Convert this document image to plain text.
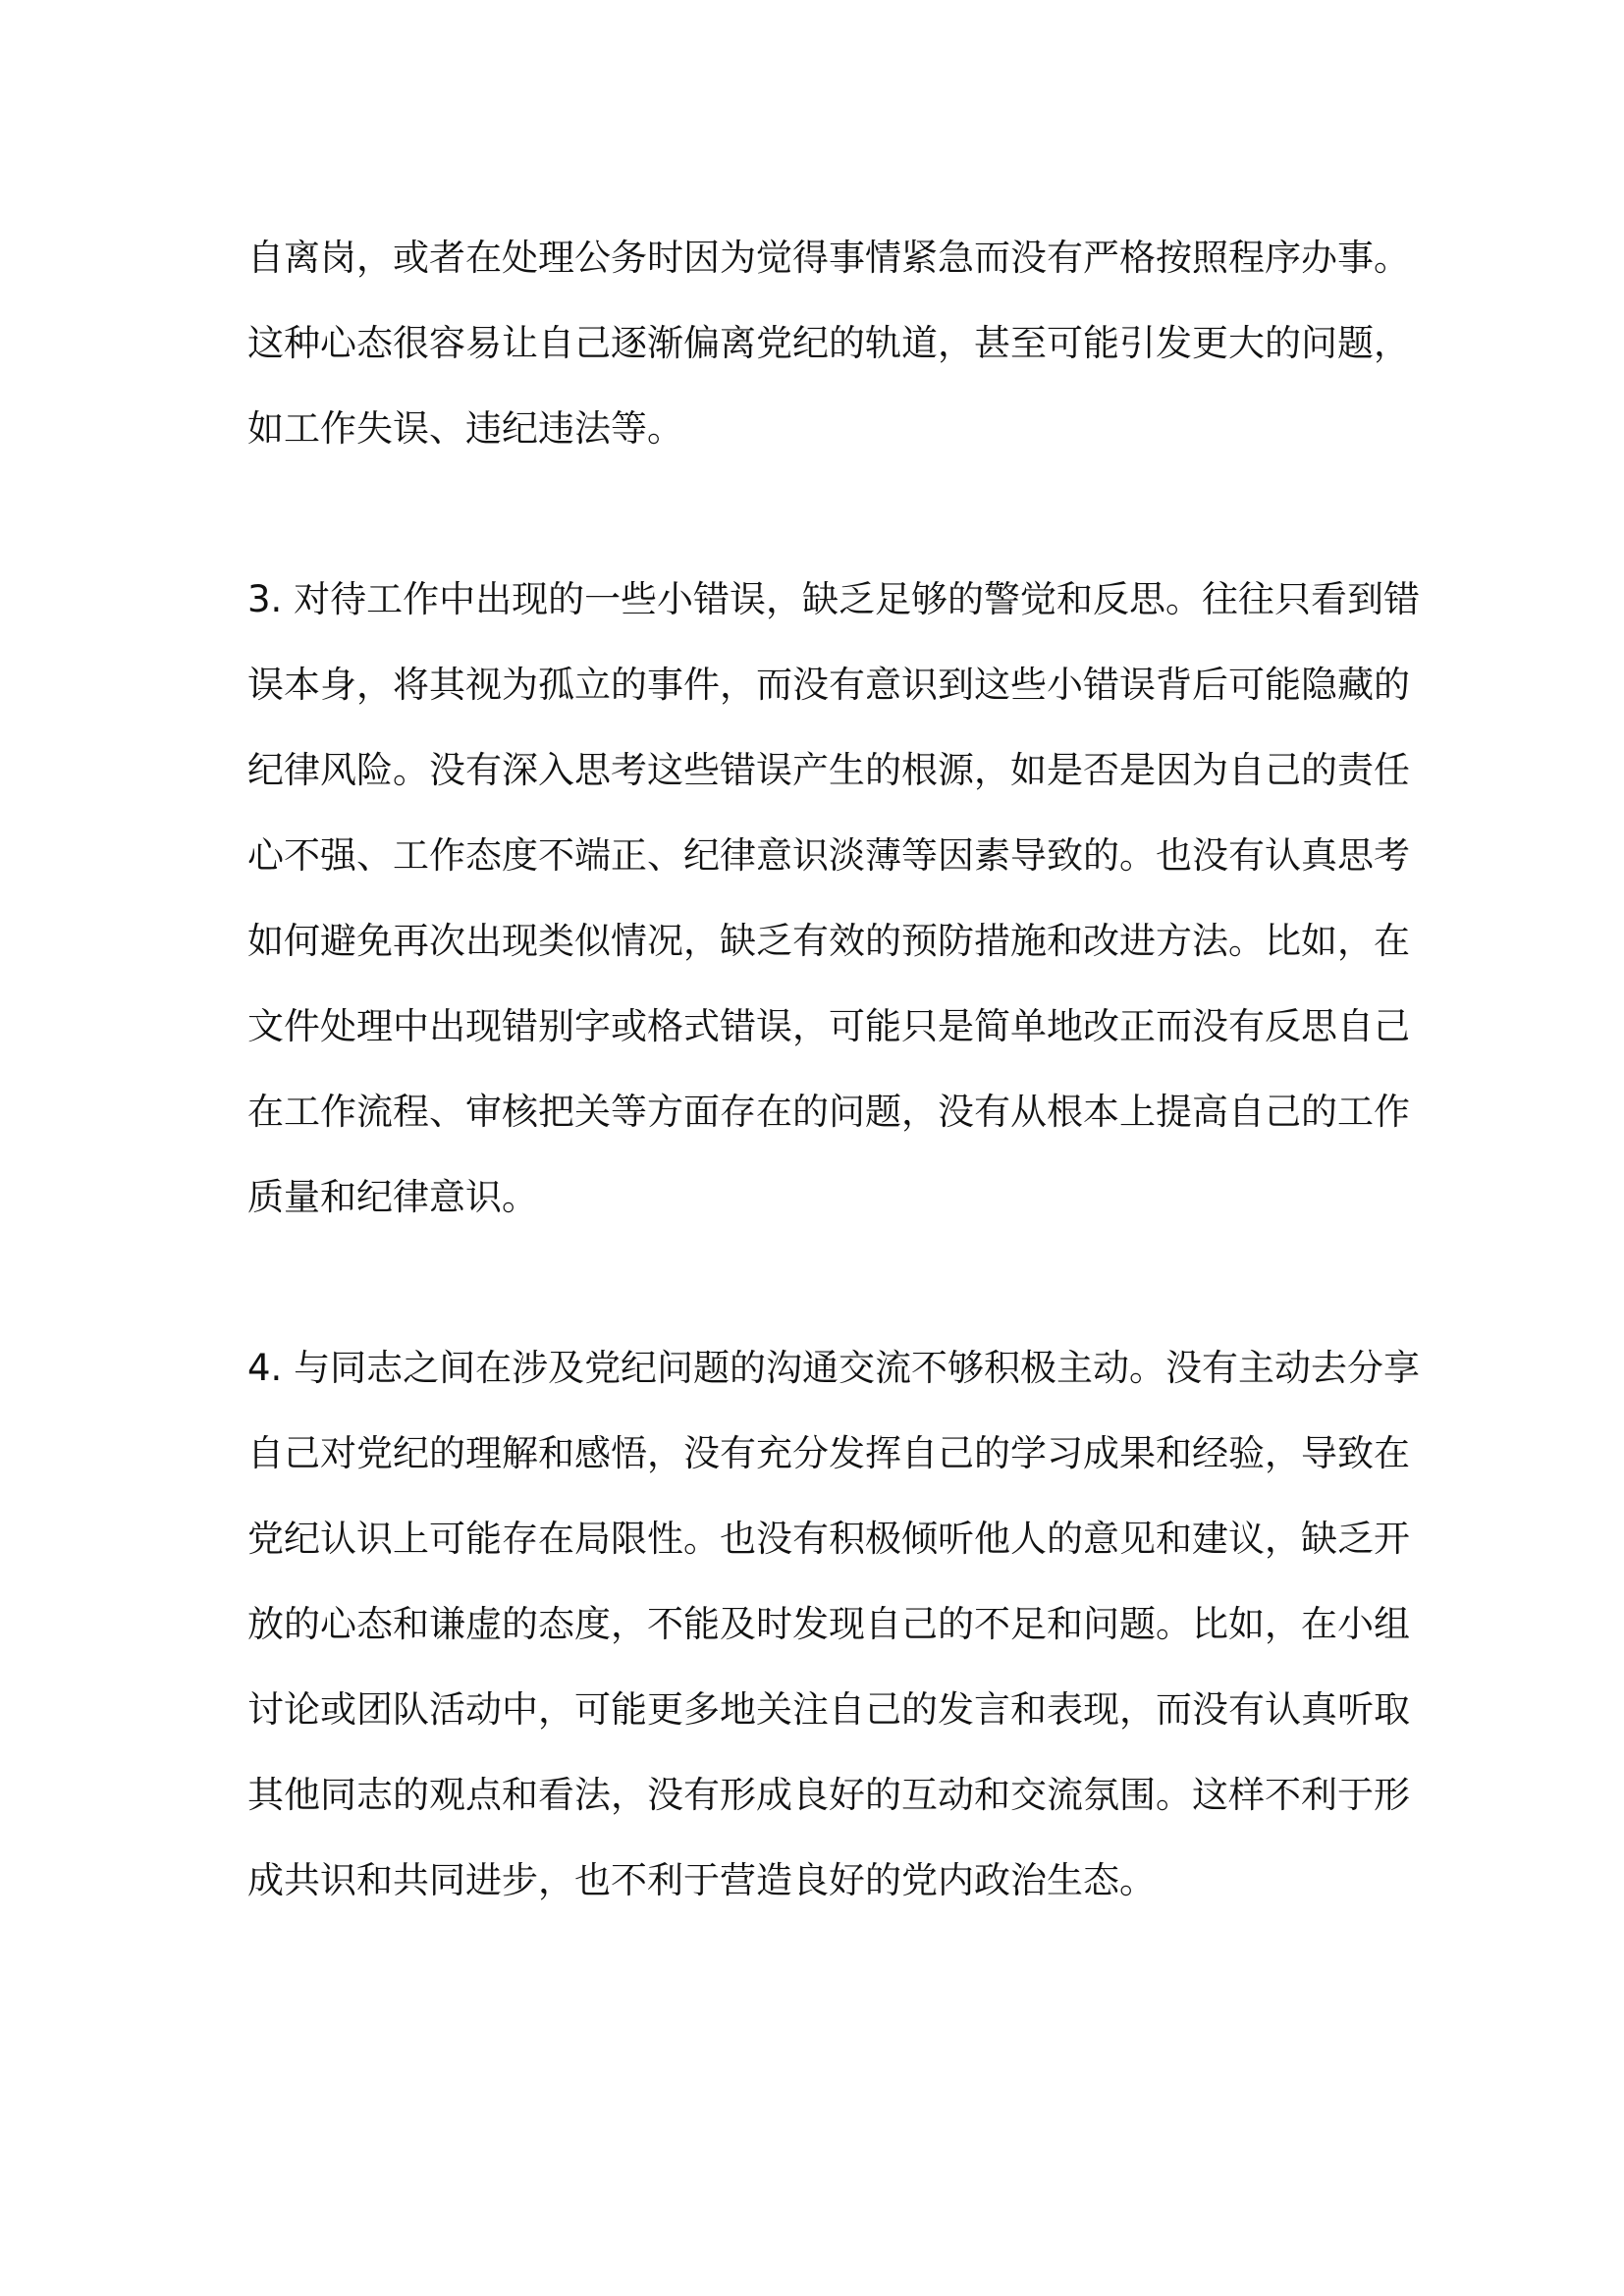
自离岗，或者在处理公务时因为觉得事情紧急而没有严格按照程序办事。
这种心态很容易让自己逐渐偏离党纪的轨道，甚至可能引发更大的问题，
如工作失误、违纪违法等。
3. 对待工作中出现的一些小错误，缺乏足够的警觉和反思。往往只看到错
误本身，将其视为孤立的事件，而没有意识到这些小错误背后可能隐藏的
纪律风险。没有深入思考这些错误产生的根源，如是否是因为自己的责任
心不强、工作态度不端正、纪律意识淡薄等因素导致的。也没有认真思考
如何避免再次出现类似情况，缺乏有效的预防措施和改进方法。比如，在
文件处理中出现错别字或格式错误，可能只是简单地改正而没有反思自己
在工作流程、审核把关等方面存在的问题，没有从根本上提高自己的工作
质量和纪律意识。
4. 与同志之间在涉及党纪问题的沟通交流不够积极主动。没有主动去分享
自己对党纪的理解和感悟，没有充分发挥自己的学习成果和经验，导致在
党纪认识上可能存在局限性。也没有积极倾听他人的意见和建议，缺乏开
放的心态和谦虚的态度，不能及时发现自己的不足和问题。比如，在小组
讨论或团队活动中，可能更多地关注自己的发言和表现，而没有认真听取
其他同志的观点和看法，没有形成良好的互动和交流氛围。这样不利于形
成共识和共同进步，也不利于营造良好的党内政治生态。
